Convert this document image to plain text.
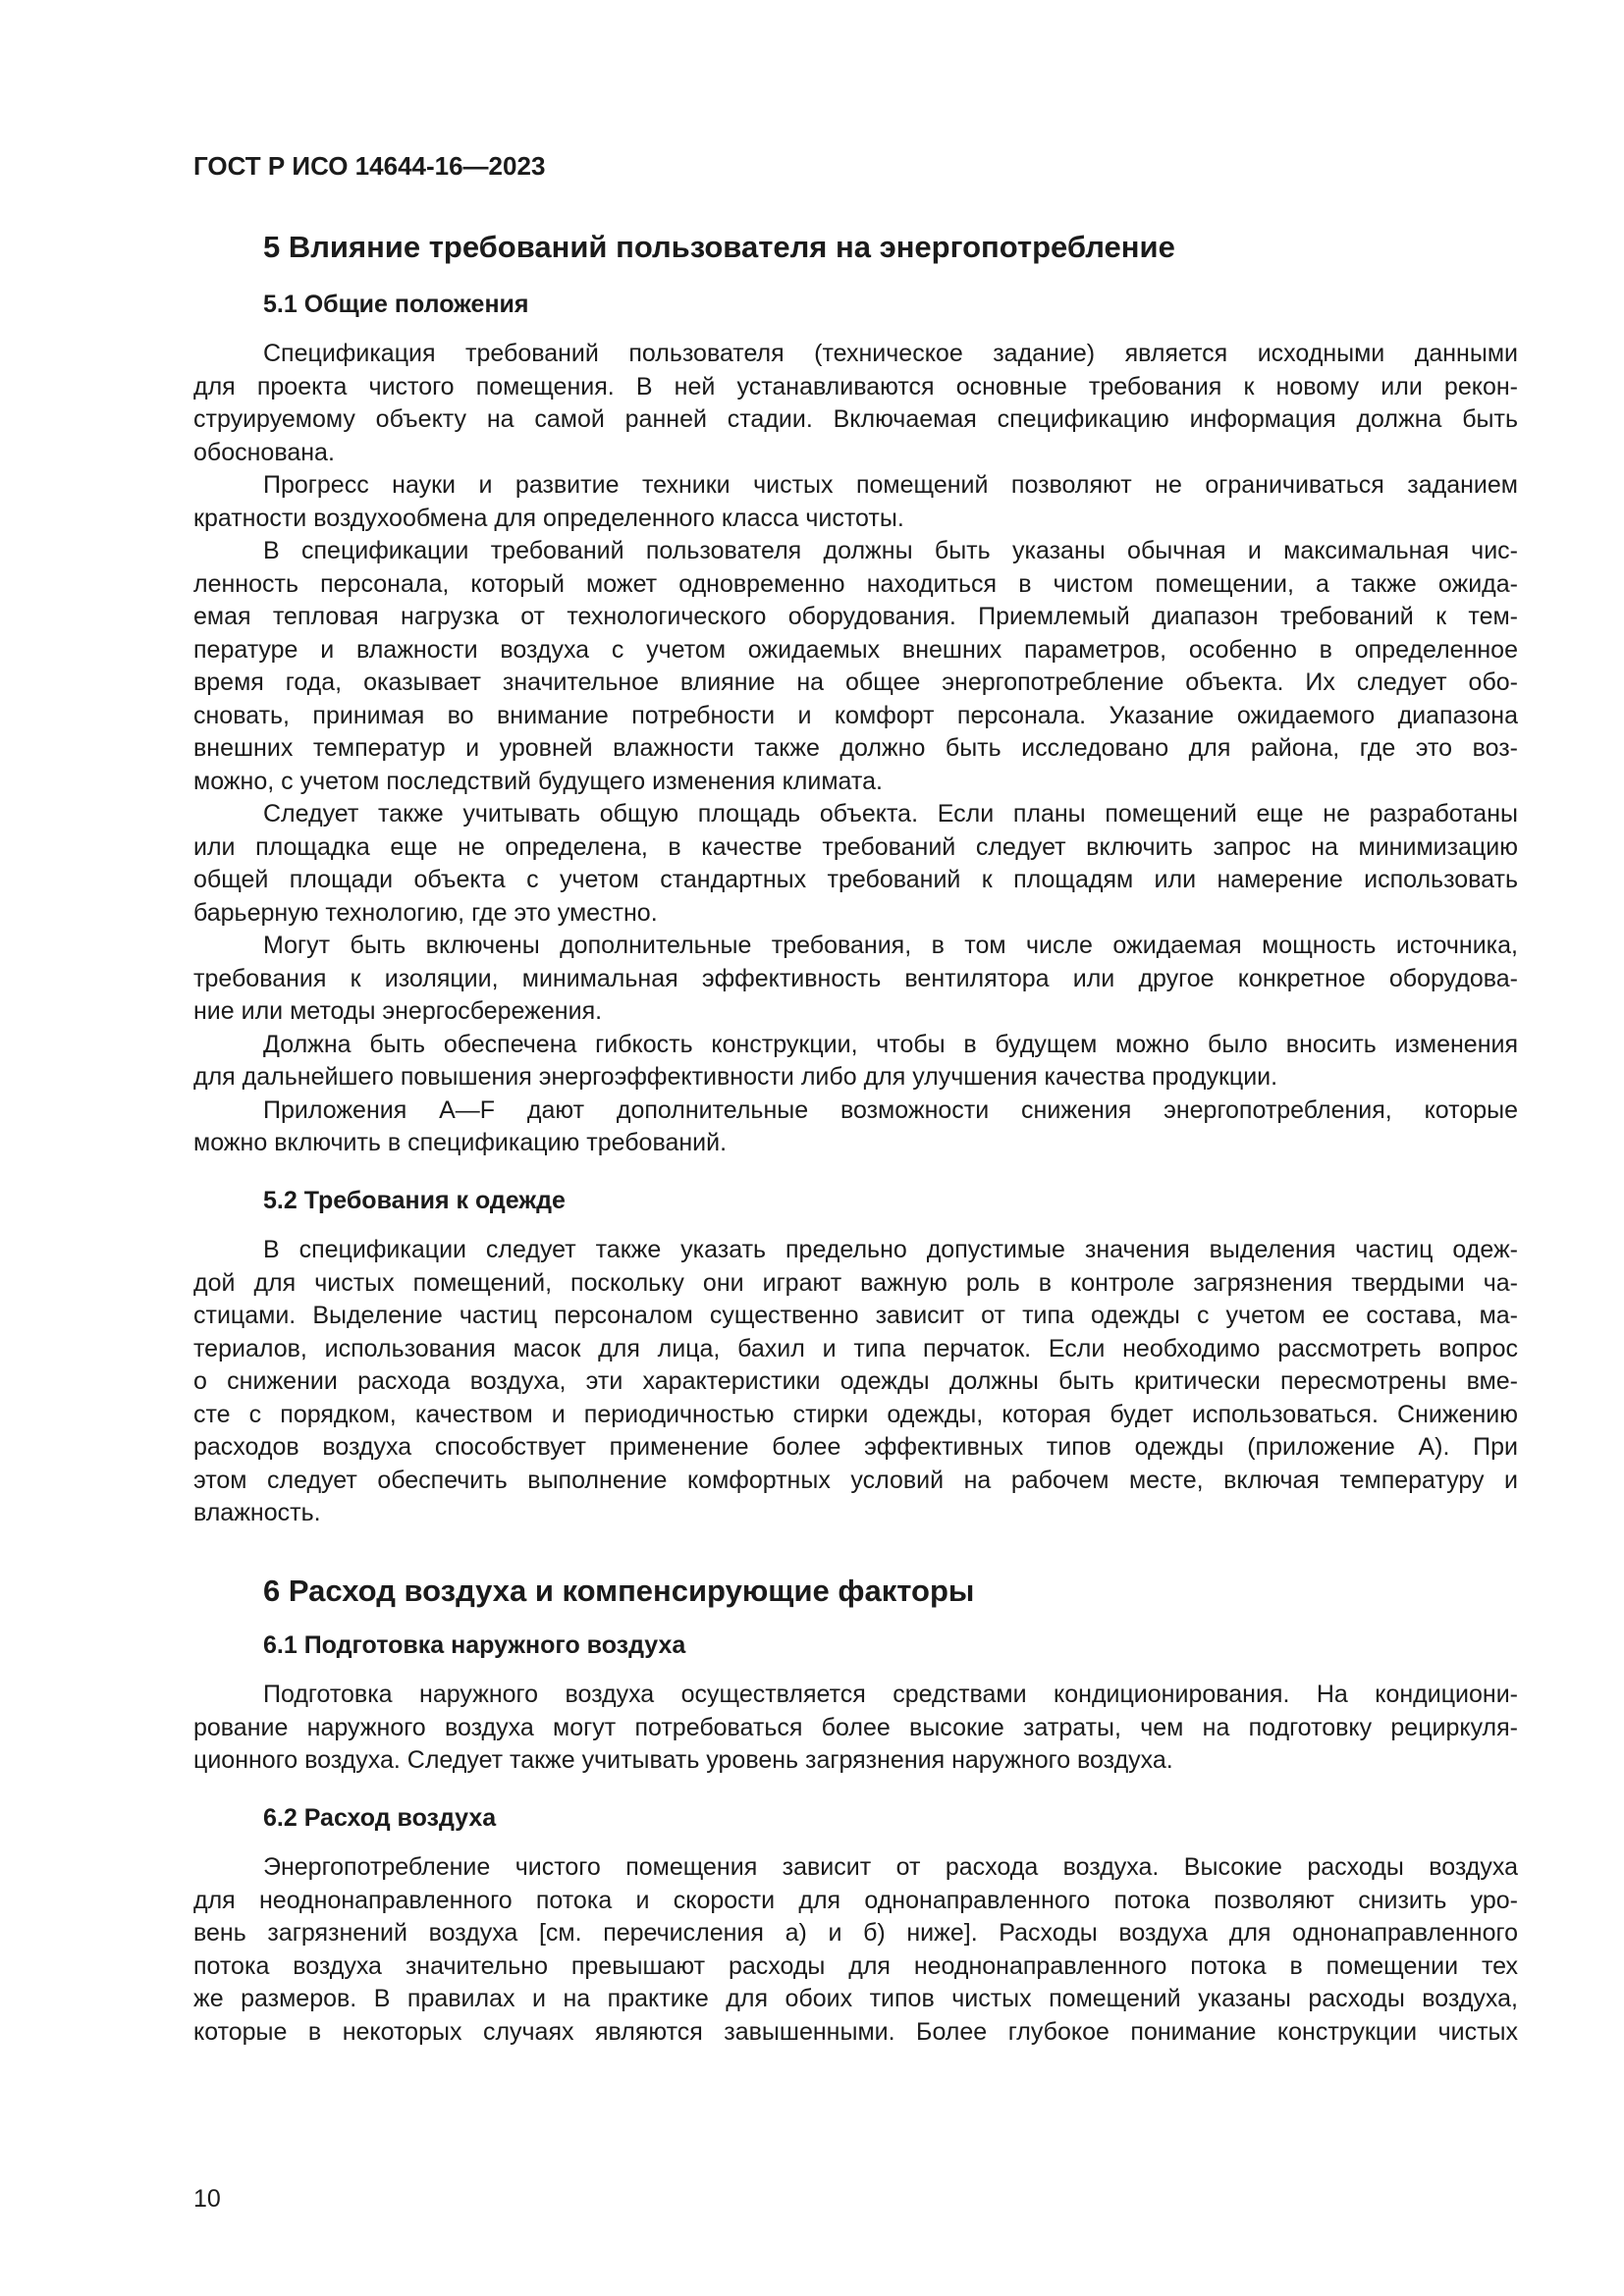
ГОСТ Р ИСО 14644-16—2023
5 Влияние требований пользователя на энергопотребление
5.1 Общие положения
Спецификация требований пользователя (техническое задание) является исходными данными
для проекта чистого помещения. В ней устанавливаются основные требования к новому или рекон-
струируемому объекту на самой ранней стадии. Включаемая спецификацию информация должна быть
обоснована.
Прогресс науки и развитие техники чистых помещений позволяют не ограничиваться заданием
кратности воздухообмена для определенного класса чистоты.
В спецификации требований пользователя должны быть указаны обычная и максимальная чис-
ленность персонала, который может одновременно находиться в чистом помещении, а также ожида-
емая тепловая нагрузка от технологического оборудования. Приемлемый диапазон требований к тем-
пературе и влажности воздуха с учетом ожидаемых внешних параметров, особенно в определенное
время года, оказывает значительное влияние на общее энергопотребление объекта. Их следует обо-
сновать, принимая во внимание потребности и комфорт персонала. Указание ожидаемого диапазона
внешних температур и уровней влажности также должно быть исследовано для района, где это воз-
можно, с учетом последствий будущего изменения климата.
Следует также учитывать общую площадь объекта. Если планы помещений еще не разработаны
или площадка еще не определена, в качестве требований следует включить запрос на минимизацию
общей площади объекта с учетом стандартных требований к площадям или намерение использовать
барьерную технологию, где это уместно.
Могут быть включены дополнительные требования, в том числе ожидаемая мощность источника,
требования к изоляции, минимальная эффективность вентилятора или другое конкретное оборудова-
ние или методы энергосбережения.
Должна быть обеспечена гибкость конструкции, чтобы в будущем можно было вносить изменения
для дальнейшего повышения энергоэффективности либо для улучшения качества продукции.
Приложения А—F дают дополнительные возможности снижения энергопотребления, которые
можно включить в спецификацию требований.
5.2 Требования к одежде
В спецификации следует также указать предельно допустимые значения выделения частиц одеж-
дой для чистых помещений, поскольку они играют важную роль в контроле загрязнения твердыми ча-
стицами. Выделение частиц персоналом существенно зависит от типа одежды с учетом ее состава, ма-
териалов, использования масок для лица, бахил и типа перчаток. Если необходимо рассмотреть вопрос
о снижении расхода воздуха, эти характеристики одежды должны быть критически пересмотрены вме-
сте с порядком, качеством и периодичностью стирки одежды, которая будет использоваться. Снижению
расходов воздуха способствует применение более эффективных типов одежды (приложение А). При
этом следует обеспечить выполнение комфортных условий на рабочем месте, включая температуру и
влажность.
6 Расход воздуха и компенсирующие факторы
6.1 Подготовка наружного воздуха
Подготовка наружного воздуха осуществляется средствами кондиционирования. На кондициони-
рование наружного воздуха могут потребоваться более высокие затраты, чем на подготовку рециркуля-
ционного воздуха. Следует также учитывать уровень загрязнения наружного воздуха.
6.2 Расход воздуха
Энергопотребление чистого помещения зависит от расхода воздуха. Высокие расходы воздуха
для неоднонаправленного потока и скорости для однонаправленного потока позволяют снизить уро-
вень загрязнений воздуха [см. перечисления а) и б) ниже]. Расходы воздуха для однонаправленного
потока воздуха значительно превышают расходы для неоднонаправленного потока в помещении тех
же размеров. В правилах и на практике для обоих типов чистых помещений указаны расходы воздуха,
которые в некоторых случаях являются завышенными. Более глубокое понимание конструкции чистых
10
